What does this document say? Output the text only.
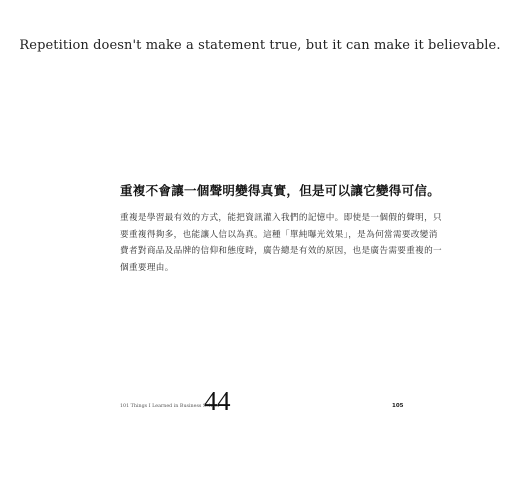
Repetition doesn't make a statement true, but it can make it believable.
重複不會讓一個聲明變得真實，但是可以讓它變得可信。
重複是學習最有效的方式，能把資訊灌入我們的記憶中。即使是一個假的聲明，只
要重複得夠多，也能讓人信以為真。這種「單純曝光效果」，是為何當需要改變消
費者對商品及品牌的信仰和態度時，廣告總是有效的原因，也是廣告需要重複的一
個重要理由。
101 Things I Learned in Business School
44	105
